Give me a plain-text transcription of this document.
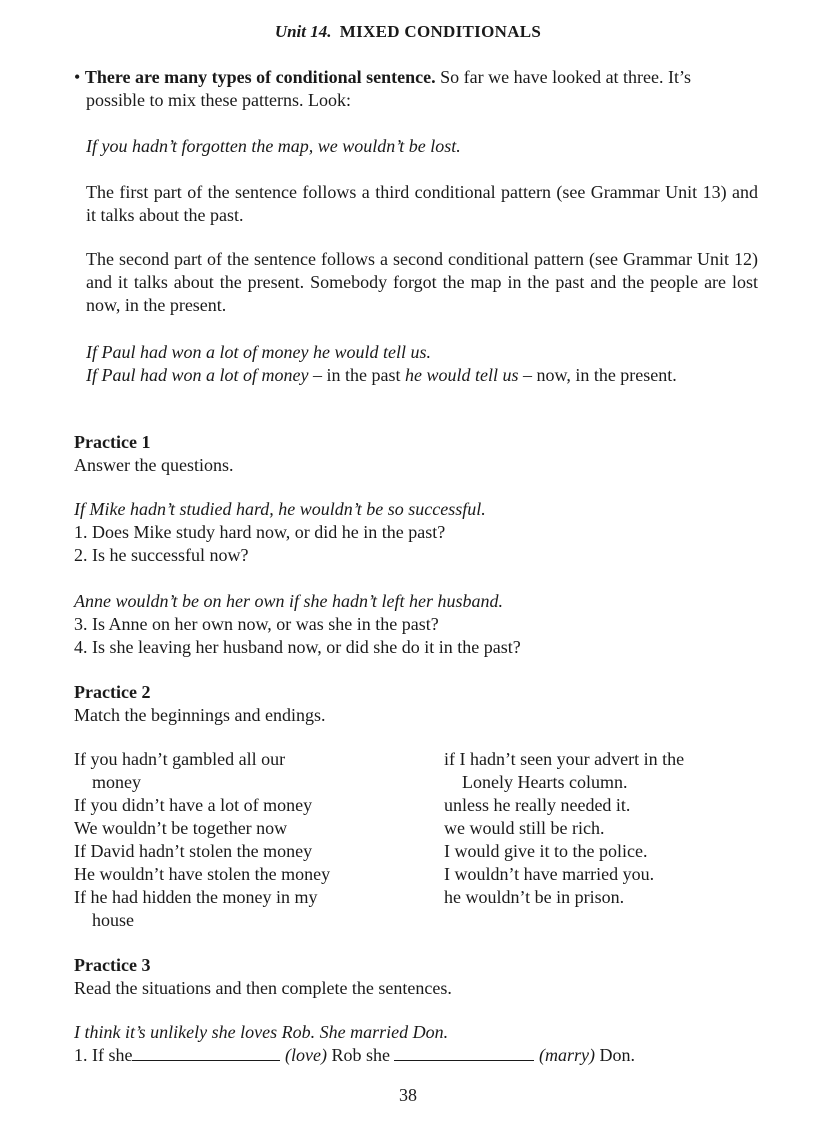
Unit 14. MIXED CONDITIONALS
• There are many types of conditional sentence. So far we have looked at three. It’s
possible to mix these patterns. Look:
If you hadn’t forgotten the map, we wouldn’t be lost.
The first part of the sentence follows a third conditional pattern (see Grammar Unit 13) and it talks about the past.
The second part of the sentence follows a second conditional pattern (see Grammar Unit 12) and it talks about the present. Somebody forgot the map in the past and the people are lost now, in the present.
If Paul had won a lot of money he would tell us.
If Paul had won a lot of money – in the past he would tell us – now, in the present.
Practice 1
Answer the questions.
If Mike hadn’t studied hard, he wouldn’t be so successful.
1. Does Mike study hard now, or did he in the past?
2. Is he successful now?
Anne wouldn’t be on her own if she hadn’t left her husband.
3. Is Anne on her own now, or was she in the past?
4. Is she leaving her husband now, or did she do it in the past?
Practice 2
Match the beginnings and endings.
If you hadn’t gambled all our
money
If you didn’t have a lot of money
We wouldn’t be together now
If David hadn’t stolen the money
He wouldn’t have stolen the money
If he had hidden the money in my
house
if I hadn’t seen your advert in the
Lonely Hearts column.
unless he really needed it.
we would still be rich.
I would give it to the police.
I wouldn’t have married you.
he wouldn’t be in prison.
Practice 3
Read the situations and then complete the sentences.
I think it’s unlikely she loves Rob. She married Don.
1. If she	(love) Rob she	(marry) Don.
38
